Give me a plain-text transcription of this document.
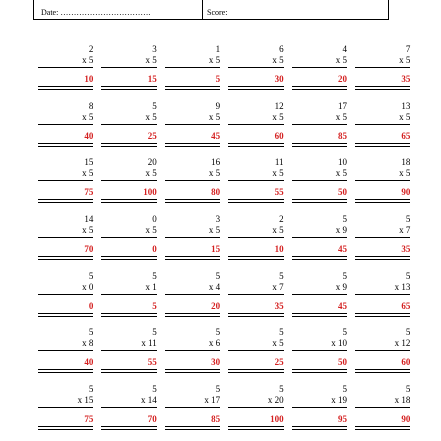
Date: …………………………….	Score:
2
x 5
10
3
x 5
15
1
x 5
5
6
x 5
30
4
x 5
20
7
x 5
35
8
x 5
40
5
x 5
25
9
x 5
45
12
x 5
60
17
x 5
85
13
x 5
65
15
x 5
75
20
x 5
100
16
x 5
80
11
x 5
55
10
x 5
50
18
x 5
90
14
x 5
70
0
x 5
0
3
x 5
15
2
x 5
10
5
x 9
45
5
x 7
35
5
x 0
0
5
x 1
5
5
x 4
20
5
x 7
35
5
x 9
45
5
x 13
65
5
x 8
40
5
x 11
55
5
x 6
30
5
x 5
25
5
x 10
50
5
x 12
60
5
x 15
75
5
x 14
70
5
x 17
85
5
x 20
100
5
x 19
95
5
x 18
90
